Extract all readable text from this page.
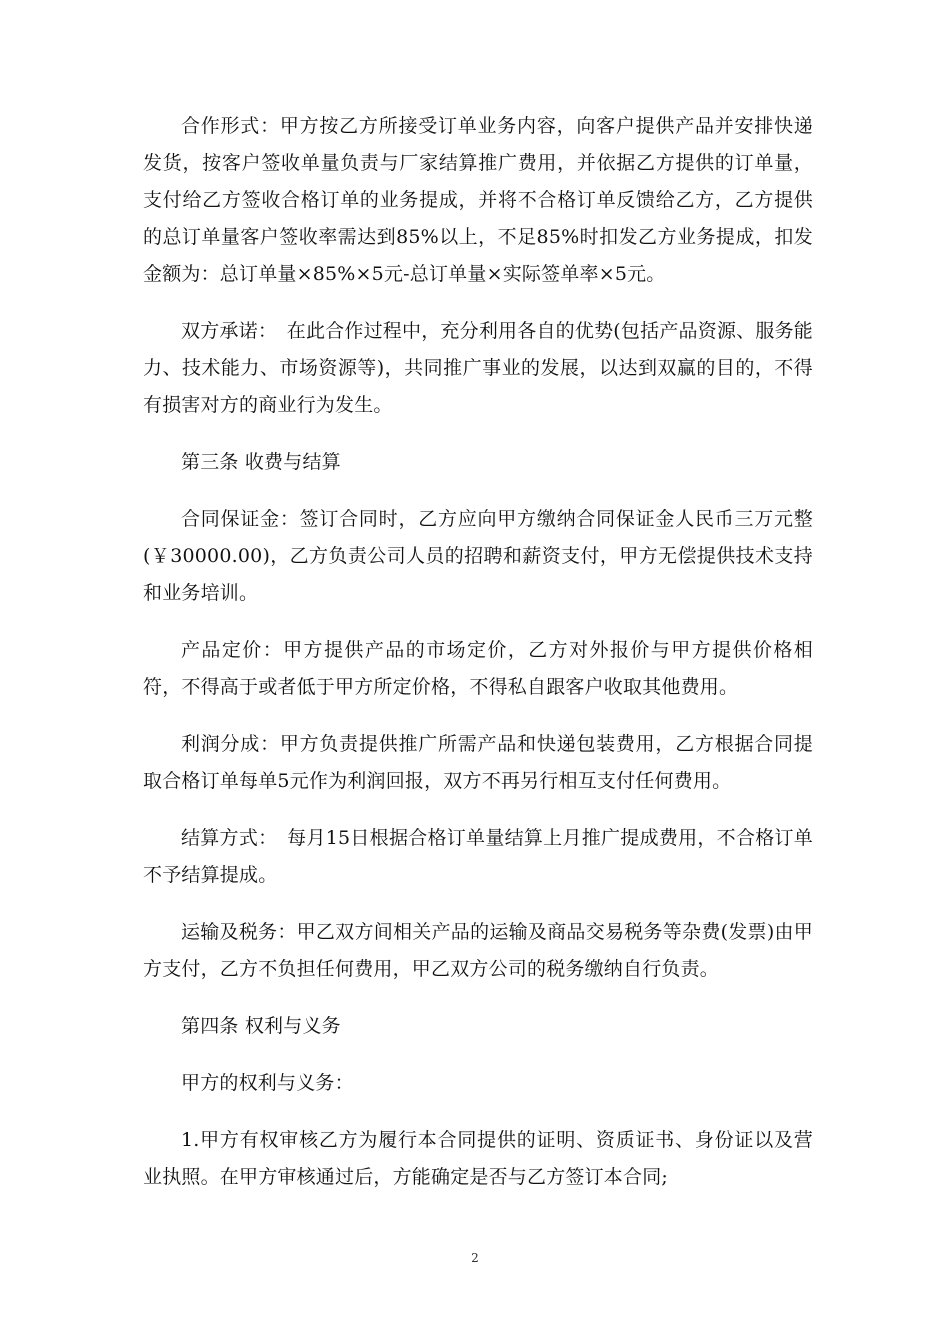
合作形式：甲方按乙方所接受订单业务内容，向客户提供产品并安排快递发货，按客户签收单量负责与厂家结算推广费用，并依据乙方提供的订单量，支付给乙方签收合格订单的业务提成，并将不合格订单反馈给乙方，乙方提供的总订单量客户签收率需达到85%以上，不足85%时扣发乙方业务提成，扣发金额为：总订单量×85%×5元-总订单量×实际签单率×5元。

双方承诺：　在此合作过程中，充分利用各自的优势(包括产品资源、服务能力、技术能力、市场资源等)，共同推广事业的发展，以达到双赢的目的，不得有损害对方的商业行为发生。

第三条 收费与结算

合同保证金：签订合同时，乙方应向甲方缴纳合同保证金人民币三万元整(￥30000.00)，乙方负责公司人员的招聘和薪资支付，甲方无偿提供技术支持和业务培训。

产品定价：甲方提供产品的市场定价，乙方对外报价与甲方提供价格相符，不得高于或者低于甲方所定价格，不得私自跟客户收取其他费用。

利润分成：甲方负责提供推广所需产品和快递包装费用，乙方根据合同提取合格订单每单5元作为利润回报，双方不再另行相互支付任何费用。

结算方式：　每月15日根据合格订单量结算上月推广提成费用，不合格订单不予结算提成。

运输及税务：甲乙双方间相关产品的运输及商品交易税务等杂费(发票)由甲方支付，乙方不负担任何费用，甲乙双方公司的税务缴纳自行负责。

第四条 权利与义务

甲方的权利与义务：

1.甲方有权审核乙方为履行本合同提供的证明、资质证书、身份证以及营业执照。在甲方审核通过后，方能确定是否与乙方签订本合同;

2
